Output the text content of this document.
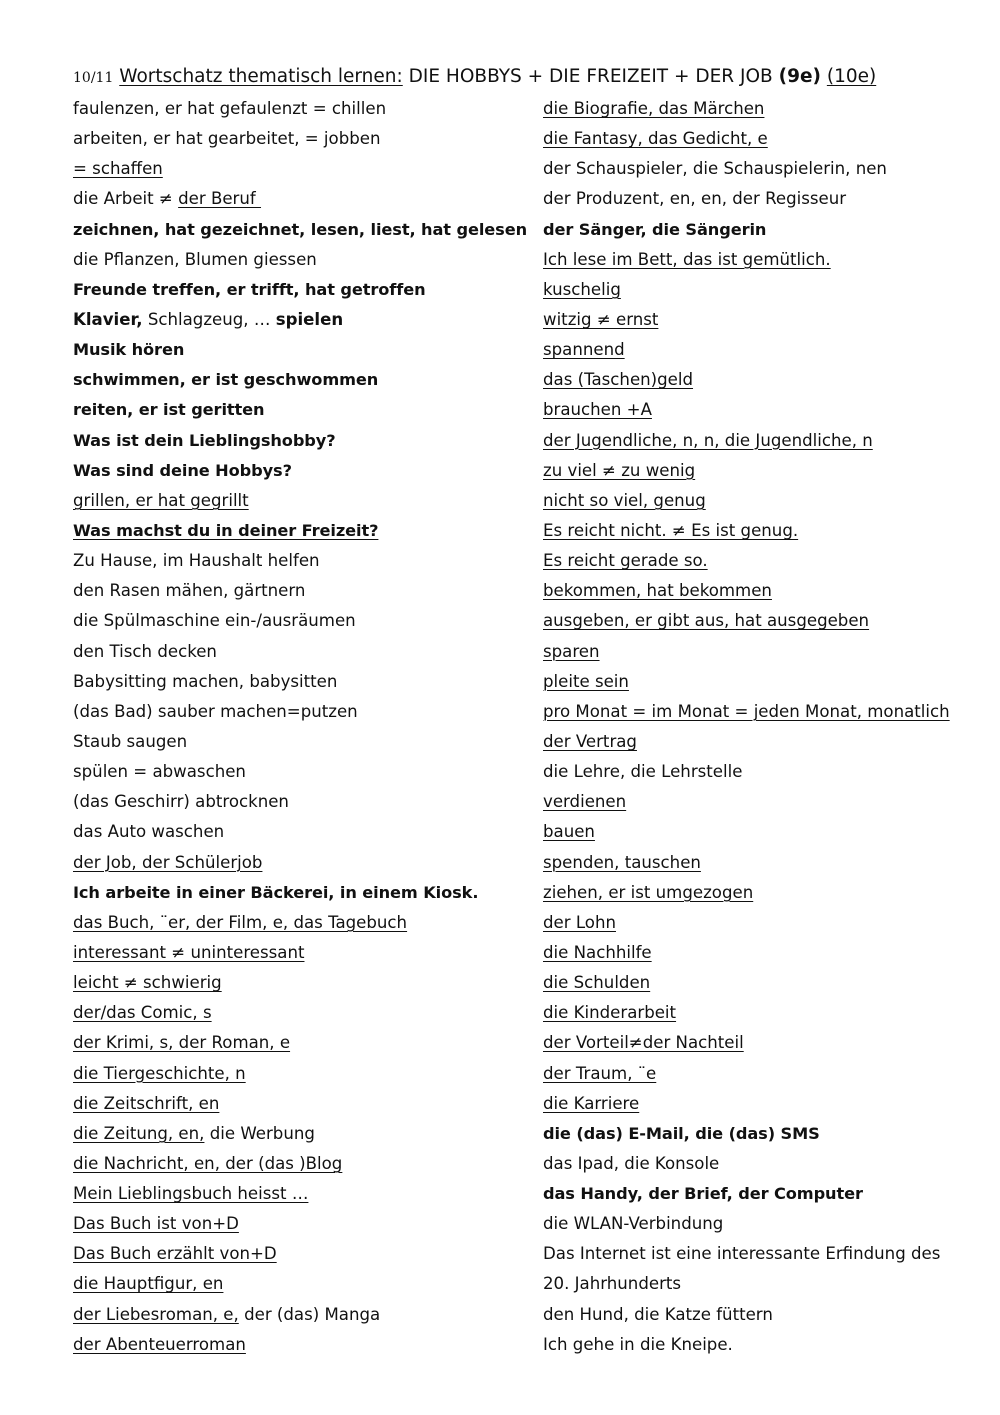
10/11 Wortschatz thematisch lernen: DIE HOBBYS + DIE FREIZEIT + DER JOB (9e) (10e)
faulenzen, er hat gefaulenzt = chillen
arbeiten, er hat gearbeitet, = jobben
= schaffen
die Arbeit ≠ der Beruf
zeichnen, hat gezeichnet, lesen, liest, hat gelesen
die Pflanzen, Blumen giessen
Freunde treffen, er trifft, hat getroffen
Klavier, Schlagzeug, … spielen
Musik hören
schwimmen, er ist geschwommen
reiten, er ist geritten
Was ist dein Lieblingshobby?
Was sind deine Hobbys?
grillen, er hat gegrillt
Was machst du in deiner Freizeit?
Zu Hause, im Haushalt helfen
den Rasen mähen, gärtnern
die Spülmaschine ein-/ausräumen
den Tisch decken
Babysitting machen, babysitten
(das Bad) sauber machen=putzen
Staub saugen
spülen = abwaschen
(das Geschirr) abtrocknen
das Auto waschen
der Job, der Schülerjob
Ich arbeite in einer Bäckerei, in einem Kiosk.
das Buch, ¨er, der Film, e, das Tagebuch
interessant ≠ uninteressant
leicht ≠ schwierig
der/das Comic, s
der Krimi, s, der Roman, e
die Tiergeschichte, n
die Zeitschrift, en
die Zeitung, en, die Werbung
die Nachricht, en, der (das )Blog
Mein Lieblingsbuch heisst …
Das Buch ist von+D
Das Buch erzählt von+D
die Hauptfigur, en
der Liebesroman, e, der (das) Manga
der Abenteuerroman
die Biografie, das Märchen
die Fantasy, das Gedicht, e
der Schauspieler, die Schauspielerin, nen
der Produzent, en, en, der Regisseur
der Sänger, die Sängerin
Ich lese im Bett, das ist gemütlich.
kuschelig
witzig ≠ ernst
spannend
das (Taschen)geld
brauchen +A
der Jugendliche, n, n, die Jugendliche, n
zu viel ≠ zu wenig
nicht so viel, genug
Es reicht nicht. ≠ Es ist genug.
Es reicht gerade so.
bekommen, hat bekommen
ausgeben, er gibt aus, hat ausgegeben
sparen
pleite sein
pro Monat = im Monat = jeden Monat, monatlich
der Vertrag
die Lehre, die Lehrstelle
verdienen
bauen
spenden, tauschen
ziehen, er ist umgezogen
der Lohn
die Nachhilfe
die Schulden
die Kinderarbeit
der Vorteil≠der Nachteil
der Traum, ¨e
die Karriere
die (das) E-Mail, die (das) SMS
das Ipad, die Konsole
das Handy, der Brief, der Computer
die WLAN-Verbindung
Das Internet ist eine interessante Erfindung des
20. Jahrhunderts
den Hund, die Katze füttern
Ich gehe in die Kneipe.
